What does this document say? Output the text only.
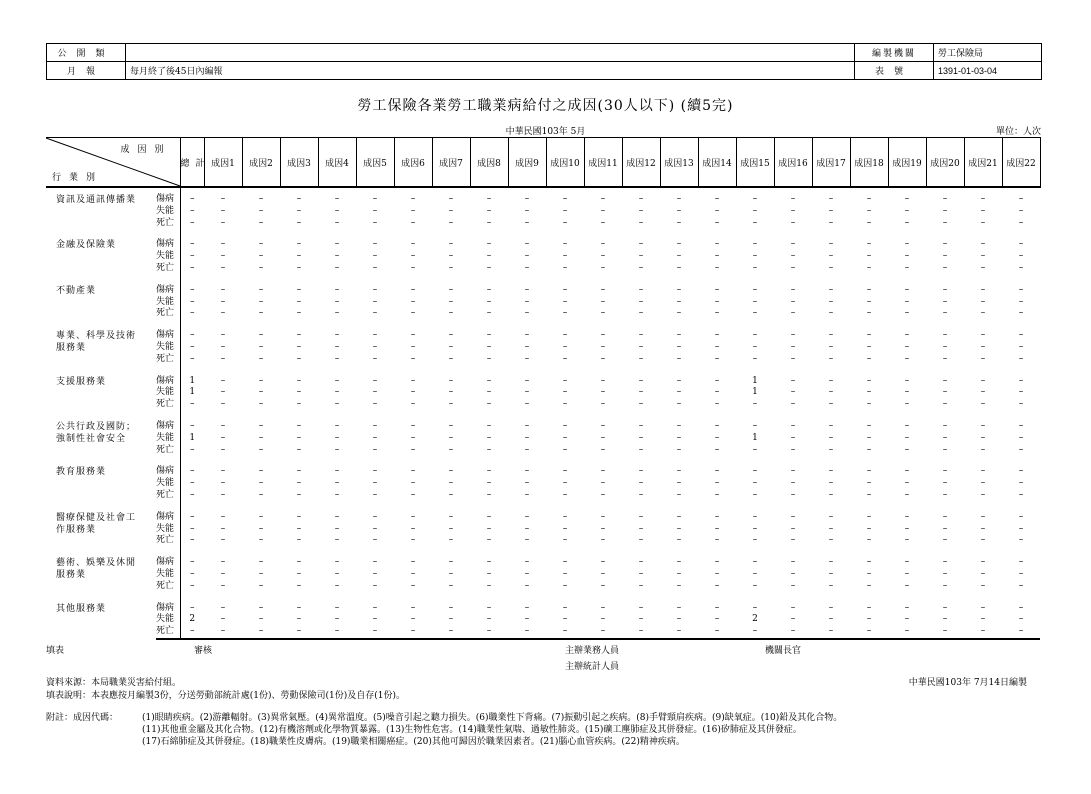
公開類		編製機關	勞工保險局
月報	每月終了後45日內編報	表號	1391-01-03-04
勞工保險各業勞工職業病給付之成因(30人以下) (續5完)
中華民國103年 5月	單位：人次
成因別
行業別		總計	成因1	成因2	成因3	成因4	成因5	成因6	成因7	成因8	成因9	成因10	成因11	成因12	成因13	成因14	成因15	成因16	成因17	成因18	成因19	成因20	成因21	成因22

資訊及通訊傳播業	傷病	–	–	–	–	–	–	–	–	–	–	–	–	–	–	–	–	–	–	–	–	–	–	–
	失能	–	–	–	–	–	–	–	–	–	–	–	–	–	–	–	–	–	–	–	–	–	–	–
	死亡	–	–	–	–	–	–	–	–	–	–	–	–	–	–	–	–	–	–	–	–	–	–	–

金融及保險業	傷病	–	–	–	–	–	–	–	–	–	–	–	–	–	–	–	–	–	–	–	–	–	–	–
	失能	–	–	–	–	–	–	–	–	–	–	–	–	–	–	–	–	–	–	–	–	–	–	–
	死亡	–	–	–	–	–	–	–	–	–	–	–	–	–	–	–	–	–	–	–	–	–	–	–

不動產業	傷病	–	–	–	–	–	–	–	–	–	–	–	–	–	–	–	–	–	–	–	–	–	–	–
	失能	–	–	–	–	–	–	–	–	–	–	–	–	–	–	–	–	–	–	–	–	–	–	–
	死亡	–	–	–	–	–	–	–	–	–	–	–	–	–	–	–	–	–	–	–	–	–	–	–

專業、科學及技術
服務業	傷病	–	–	–	–	–	–	–	–	–	–	–	–	–	–	–	–	–	–	–	–	–	–	–
	失能	–	–	–	–	–	–	–	–	–	–	–	–	–	–	–	–	–	–	–	–	–	–	–
	死亡	–	–	–	–	–	–	–	–	–	–	–	–	–	–	–	–	–	–	–	–	–	–	–

支援服務業	傷病	1	–	–	–	–	–	–	–	–	–	–	–	–	–	–	1	–	–	–	–	–	–	–
	失能	1	–	–	–	–	–	–	–	–	–	–	–	–	–	–	1	–	–	–	–	–	–	–
	死亡	–	–	–	–	–	–	–	–	–	–	–	–	–	–	–	–	–	–	–	–	–	–	–

公共行政及國防；
強制性社會安全	傷病	–	–	–	–	–	–	–	–	–	–	–	–	–	–	–	–	–	–	–	–	–	–	–
	失能	1	–	–	–	–	–	–	–	–	–	–	–	–	–	–	1	–	–	–	–	–	–	–
	死亡	–	–	–	–	–	–	–	–	–	–	–	–	–	–	–	–	–	–	–	–	–	–	–

教育服務業	傷病	–	–	–	–	–	–	–	–	–	–	–	–	–	–	–	–	–	–	–	–	–	–	–
	失能	–	–	–	–	–	–	–	–	–	–	–	–	–	–	–	–	–	–	–	–	–	–	–
	死亡	–	–	–	–	–	–	–	–	–	–	–	–	–	–	–	–	–	–	–	–	–	–	–

醫療保健及社會工
作服務業	傷病	–	–	–	–	–	–	–	–	–	–	–	–	–	–	–	–	–	–	–	–	–	–	–
	失能	–	–	–	–	–	–	–	–	–	–	–	–	–	–	–	–	–	–	–	–	–	–	–
	死亡	–	–	–	–	–	–	–	–	–	–	–	–	–	–	–	–	–	–	–	–	–	–	–

藝術、娛樂及休閒
服務業	傷病	–	–	–	–	–	–	–	–	–	–	–	–	–	–	–	–	–	–	–	–	–	–	–
	失能	–	–	–	–	–	–	–	–	–	–	–	–	–	–	–	–	–	–	–	–	–	–	–
	死亡	–	–	–	–	–	–	–	–	–	–	–	–	–	–	–	–	–	–	–	–	–	–	–

其他服務業	傷病	–	–	–	–	–	–	–	–	–	–	–	–	–	–	–	–	–	–	–	–	–	–	–
	失能	2	–	–	–	–	–	–	–	–	–	–	–	–	–	–	2	–	–	–	–	–	–	–
	死亡	–	–	–	–	–	–	–	–	–	–	–	–	–	–	–	–	–	–	–	–	–	–	–
填表	審核	主辦業務人員
主辦統計人員
機關長官
資料來源：本局職業災害給付組。
填表說明：本表應按月編製3份，分送勞動部統計處(1份)、勞動保險司(1份)及自存(1份)。
中華民國103年 7月14日編製
附註：成因代碼：	(1)眼睛疾病。(2)游離輻射。(3)異常氣壓。(4)異常溫度。(5)噪音引起之聽力損失。(6)職業性下背痛。(7)振動引起之疾病。(8)手臂頸肩疾病。(9)缺氧症。(10)鉛及其化合物。
(11)其他重金屬及其化合物。(12)有機溶劑或化學物質暴露。(13)生物性危害。(14)職業性氣喘、過敏性肺炎。(15)礦工塵肺症及其併發症。(16)矽肺症及其併發症。
(17)石綿肺症及其併發症。(18)職業性皮膚病。(19)職業相關癌症。(20)其他可歸因於職業因素者。(21)腦心血管疾病。(22)精神疾病。
